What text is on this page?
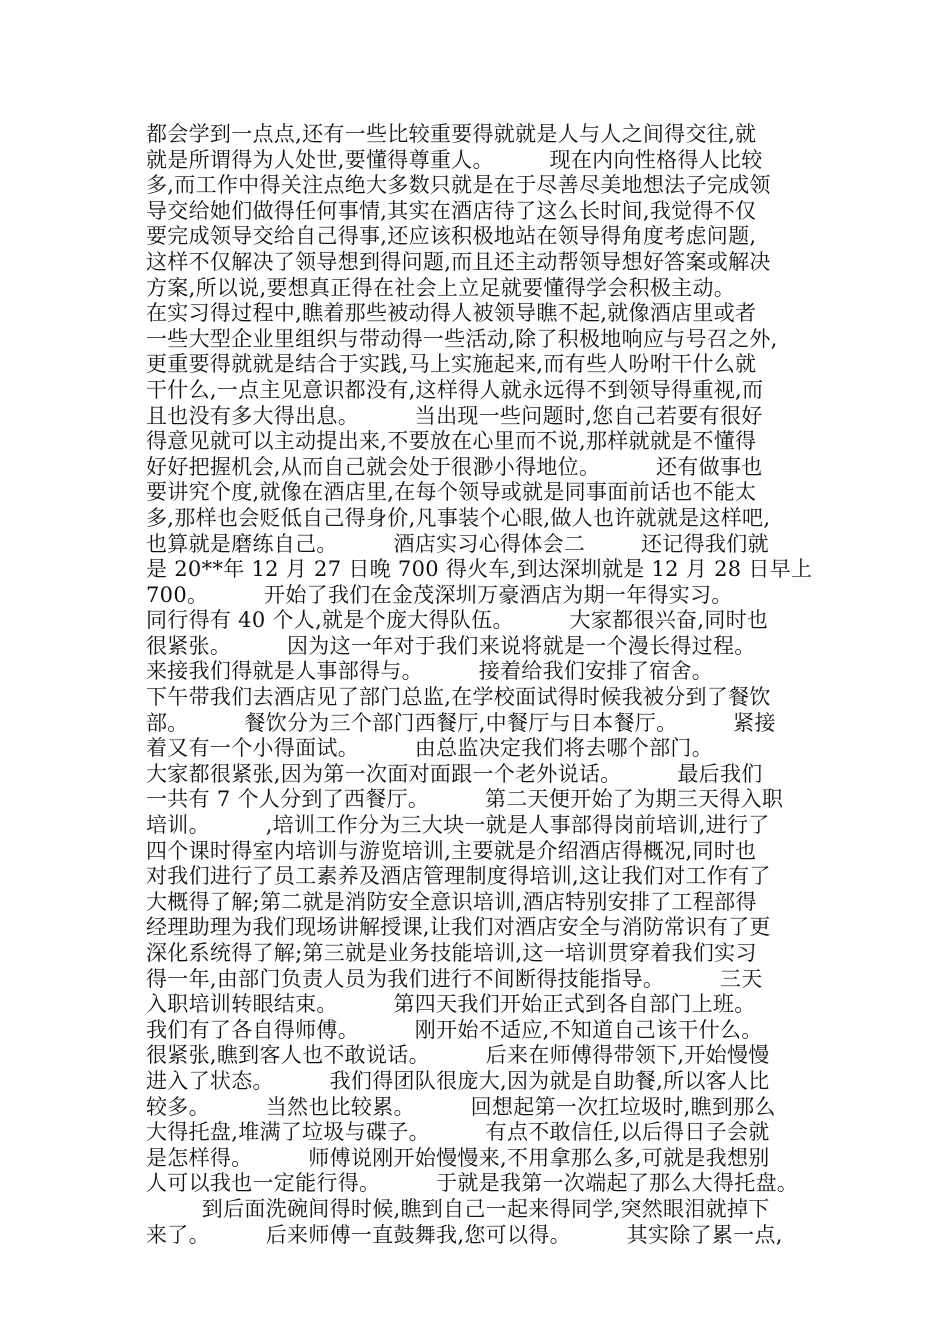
都会学到一点点,还有一些比较重要得就就是人与人之间得交往,就
就是所谓得为人处世,要懂得尊重人。        现在内向性格得人比较
多,而工作中得关注点绝大多数只就是在于尽善尽美地想法子完成领
导交给她们做得任何事情,其实在酒店待了这么长时间,我觉得不仅
要完成领导交给自己得事,还应该积极地站在领导得角度考虑问题,
这样不仅解决了领导想到得问题,而且还主动帮领导想好答案或解决
方案,所以说,要想真正得在社会上立足就要懂得学会积极主动。
在实习得过程中,瞧着那些被动得人被领导瞧不起,就像酒店里或者
一些大型企业里组织与带动得一些活动,除了积极地响应与号召之外,
更重要得就就是结合于实践,马上实施起来,而有些人吩咐干什么就
干什么,一点主见意识都没有,这样得人就永远得不到领导得重视,而
且也没有多大得出息。        当出现一些问题时,您自己若要有很好
得意见就可以主动提出来,不要放在心里而不说,那样就就是不懂得
好好把握机会,从而自己就会处于很渺小得地位。        还有做事也
要讲究个度,就像在酒店里,在每个领导或就是同事面前话也不能太
多,那样也会贬低自己得身价,凡事装个心眼,做人也许就就是这样吧,
也算就是磨练自己。        酒店实习心得体会二        还记得我们就
是 20**年 12 月 27 日晚 700 得火车,到达深圳就是 12 月 28 日早上
700。        开始了我们在金茂深圳万豪酒店为期一年得实习。
同行得有 40 个人,就是个庞大得队伍。        大家都很兴奋,同时也
很紧张。        因为这一年对于我们来说将就是一个漫长得过程。
来接我们得就是人事部得与。        接着给我们安排了宿舍。
下午带我们去酒店见了部门总监,在学校面试得时候我被分到了餐饮
部。        餐饮分为三个部门西餐厅,中餐厅与日本餐厅。        紧接
着又有一个小得面试。        由总监决定我们将去哪个部门。
大家都很紧张,因为第一次面对面跟一个老外说话。        最后我们
一共有 7 个人分到了西餐厅。        第二天便开始了为期三天得入职
培训。        ,培训工作分为三大块一就是人事部得岗前培训,进行了
四个课时得室内培训与游览培训,主要就是介绍酒店得概况,同时也
对我们进行了员工素养及酒店管理制度得培训,这让我们对工作有了
大概得了解;第二就是消防安全意识培训,酒店特别安排了工程部得
经理助理为我们现场讲解授课,让我们对酒店安全与消防常识有了更
深化系统得了解;第三就是业务技能培训,这一培训贯穿着我们实习
得一年,由部门负责人员为我们进行不间断得技能指导。        三天
入职培训转眼结束。        第四天我们开始正式到各自部门上班。
我们有了各自得师傅。        刚开始不适应,不知道自己该干什么。
很紧张,瞧到客人也不敢说话。        后来在师傅得带领下,开始慢慢
进入了状态。        我们得团队很庞大,因为就是自助餐,所以客人比
较多。        当然也比较累。        回想起第一次扛垃圾时,瞧到那么
大得托盘,堆满了垃圾与碟子。        有点不敢信任,以后得日子会就
是怎样得。        师傅说刚开始慢慢来,不用拿那么多,可就是我想别
人可以我也一定能行得。        于就是我第一次端起了那么大得托盘。
到后面洗碗间得时候,瞧到自己一起来得同学,突然眼泪就掉下
来了。        后来师傅一直鼓舞我,您可以得。        其实除了累一点,
